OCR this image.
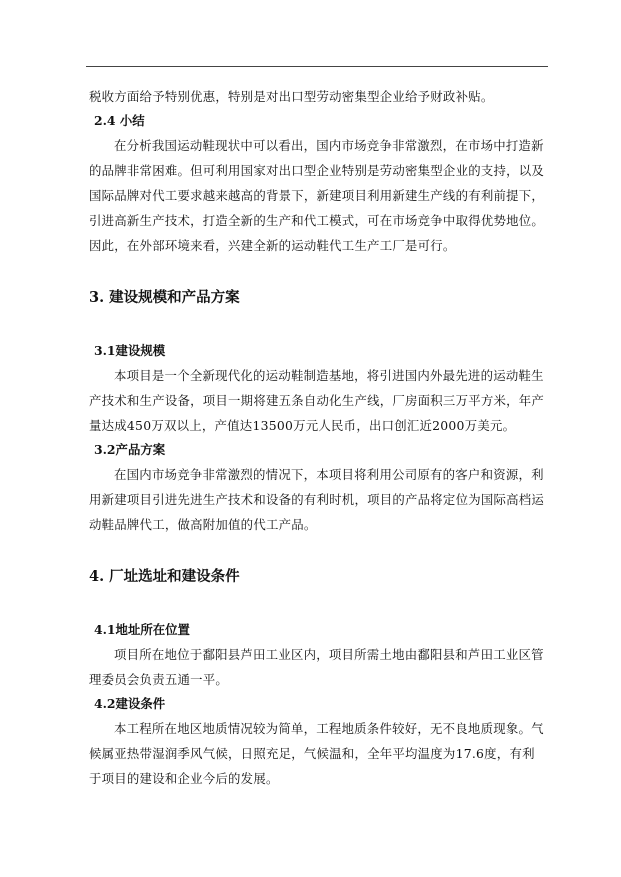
税收方面给予特别优惠，特别是对出口型劳动密集型企业给予财政补贴。

2.4 小结

在分析我国运动鞋现状中可以看出，国内市场竞争非常激烈，在市场中打造新的品牌非常困难。但可利用国家对出口型企业特别是劳动密集型企业的支持，以及国际品牌对代工要求越来越高的背景下，新建项目利用新建生产线的有利前提下，引进高新生产技术，打造全新的生产和代工模式，可在市场竞争中取得优势地位。因此，在外部环境来看，兴建全新的运动鞋代工生产工厂是可行。

3. 建设规模和产品方案

3.1建设规模

本项目是一个全新现代化的运动鞋制造基地，将引进国内外最先进的运动鞋生产技术和生产设备，项目一期将建五条自动化生产线，厂房面积三万平方米，年产量达成450万双以上，产值达13500万元人民币，出口创汇近2000万美元。

3.2产品方案

在国内市场竞争非常激烈的情况下，本项目将利用公司原有的客户和资源，利用新建项目引进先进生产技术和设备的有利时机，项目的产品将定位为国际高档运动鞋品牌代工，做高附加值的代工产品。

4. 厂址选址和建设条件

4.1地址所在位置

项目所在地位于鄱阳县芦田工业区内，项目所需土地由鄱阳县和芦田工业区管理委员会负责五通一平。

4.2建设条件

本工程所在地区地质情况较为简单，工程地质条件较好，无不良地质现象。气候属亚热带湿润季风气候，日照充足，气候温和，全年平均温度为17.6度，有利于项目的建设和企业今后的发展。
